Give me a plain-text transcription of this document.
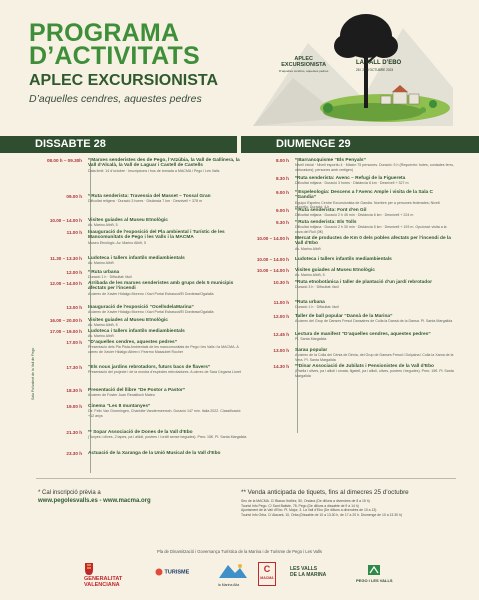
PROGRAMA
D’ACTIVITATS
APLEC EXCURSIONISTA
D’aquelles cendres, aquestes pedres
APLEC
EXCURSIONISTA
D’aquelles cendres, aquestes pedres
LA VALL D’EBO
28 I 29 D’OCTUBRE 2023
DISSABTE 28	DIUMENGE 29
Sala Polivalent de la Vall de Pego
08.00 h – 09.30h * Marxes senderistes des de Pego, l’Atzúbia, la Vall de Gallinera, la Vall d’Alcalà, la Vall de Laguar i Castell de Castells
Data límit: 14 d’octubre · Inscripcions i bus de tornada a MACMA i Pego i Les Valls
09.00 h * Ruta senderista: Travessia del Masset – Tossal Gran
Dificultat rellgera · Duració 3 hores · Distància 7 km · Desnivell + 378 m
10.00 – 14.00 h Visites guiades al Museu Etnològic
Av. Marino Albiñ, 5
11.00 h Inauguració de l’exposició del Pla ambiental i Turístic de les Mancomunitats de Pego i les Valls i la MACMA
Museu Etnològic. Av. Marino Albiñ, 5
11.30 – 13.30 h Ludoteca i tallers infantils mediambientals
Av. Marino Albiñ
12.00 h * Ruta urbana
Duració 1 h · Dificultat: fàcil
12.00 – 14.00 h Arribada de les marxes senderistes amb grups dels 5 municipis afectats per l’incendi
A càrrec de Xavier Hidalgo Moreno i Xavi Portal Esbascot/El Dordeaw/Ogalalla
13.00 h Inauguració de l’exposició “OcellsdelaMarina”
A càrrec de Xavier Hidalgo Moreno i Xavi Portal Esbascot/El Dordeaw/Ogalalla
16.00 – 20.00 h Visites guiades al Museu Etnològic
Av. Marino Albiñ, 5
17.00 – 19.00 h Ludoteca i tallers infantils mediambientals
Av. Marino Albiñ
17.00 h “D’aquelles cendres, aquestes pedres”
Presentació dels Pla Pista Ambientals de les mancomunitats de Pego i les Valls i la MACMA. A càrrec de Xavier Hidalgo Albero i Fearmo Masaubet Rocher
17.30 h “Els nous jardins rebrotadors, futurs bacs de flavers”
Presentació del projecte i de la mostra d’espècies rebrotadores. A càrrec de Sara Cegarra Lloret
18.30 h Presentació del llibre “De Postor a Pastor”
A càrrec de Foster Juan Recatiloch Mateu
19.00 h Cinema “Les 8 muntanyes”
Dir. Felix Van Groeningen, Charlotte Vandermeersch. Duració 147 min. Italia 2022. Classificació: +12 anys
21.30 h ** Sopar Associació de Dones de la Vall d’Ebo
(Tonyes i olives, 2 tapes, pa i allioli, postres i i orxill sense begudes). Preu: 15€. Pl. Santa Margalida
23.30 h Actuació de la Xaranga de la Unió Musical de la Vall d’Ebo
8.00 h * Barrancquisme “Els Penyals”
Nivell inicial · Nivell esportiu 4 · Màxim 75 persones. Duració: 5 h (Requereix: botes, cordades ferro, obturadors); persones amb vertigen)
8.30 h *Ruta senderista: Avenc – Refugi de la Figuereta
Dificultat mitjana · Duració 3 hores · Distància 8 km · Desnivell + 327 m
9.00 h * Espeleologia: Descens a l’Avenc Ample i visita de la Sala C “Gandia”
Equipo Espeleo Centre Excursionista de Gandia. Nombre per a persones federades; Nivell: esportiu. Duració: 4 h
9.00 h * Ruta senderista: Font d’en Gil
Dificultat mitjana · Duració 2 h 45 min · Distància 6 km · Desnivell + 224 m
9.30 h * Ruta senderista: Els Tolls
Dificultat mitjana · Duració 2 h 30 min · Distància 5 km · Desnivell + 193 m. Opcional: visita a la cova del Rull (3€)
10.00 – 14.00 h Mercat de productes de Km 0 dels pobles afectats per l’incendi de la Vall d’Ebo
Av. Marino Albiñ
10.00 – 14.00 h Ludoteca i tallers infantils mediambientals
10.00 – 14.00 h Visites guiades al Museu Etnològic
Av. Marino Albiñ, 5
10.30 h *Ruta etnobotànica i taller de plantació d’un jardí rebrotador
Duració 3 h · Dificultat: fàcil
11.00 h *Ruta urbana
Duració 1 h · Dificultat: fàcil
12.00 h Taller de ball popular “Dansà de la Marina”
A càrrec del Grup de Danses Fresol Dansaires de Colla la Dansà de la Dansa. Pl. Santa Margalida
12.45 h Lectura de manifest “D’aquelles cendres, aquestes pedres”
Pl. Santa Margalida
13.00 h Sarau popular
A càrrec de la Colla del Cénia de Dénia, del Grup de Danses Fresol i Dolçaina i Colla la Xarxa de la Vera. Pl. Santa Margalida
14.30 h **Dinar Associació de Jubilats i Pensionistes de la Vall d’Ebo
(Paella i olives, pa i allioli i orxata, figatell, pa i allioli, olives, postres i begudes). Preu: 15€. Pl. Santa Margalida
* Cal inscripció prèvia a
www.pegolesvalls.es - www.macma.org
** Venda anticipada de tiquets, fins al dimecres 25 d’octubre
Seu de la MACMA. C/ Blasco Ibáñez, 50, Ondara (De dilluns a divendres de 8 a 15 h)
Tourist Info Pego. C/ Sant Batiste, 78, Pego (De dilluns a dissabte de 9 a 14 h)
Ajuntament de la Vall d’Ebo. Pl. Major, 3. La Vall d’Ebo (De dilluns a divendres de 10 a 13)
Tourist Info Orba. C/ Alacant, 10, Orba (Dissabte de 10 a 13.30 h, de 17 a 20 h. Diumenge de 10 a 13.30 h)
Pla de Dinamització i Governança Turística de la Marina i de Turisme de Pego i Les Valls
GENERALITAT
VALENCIANA
TURISME
la Marina Alta
C
MACMA
LES VALLS
DE LA MARINA
PEGO I LES VALLS
